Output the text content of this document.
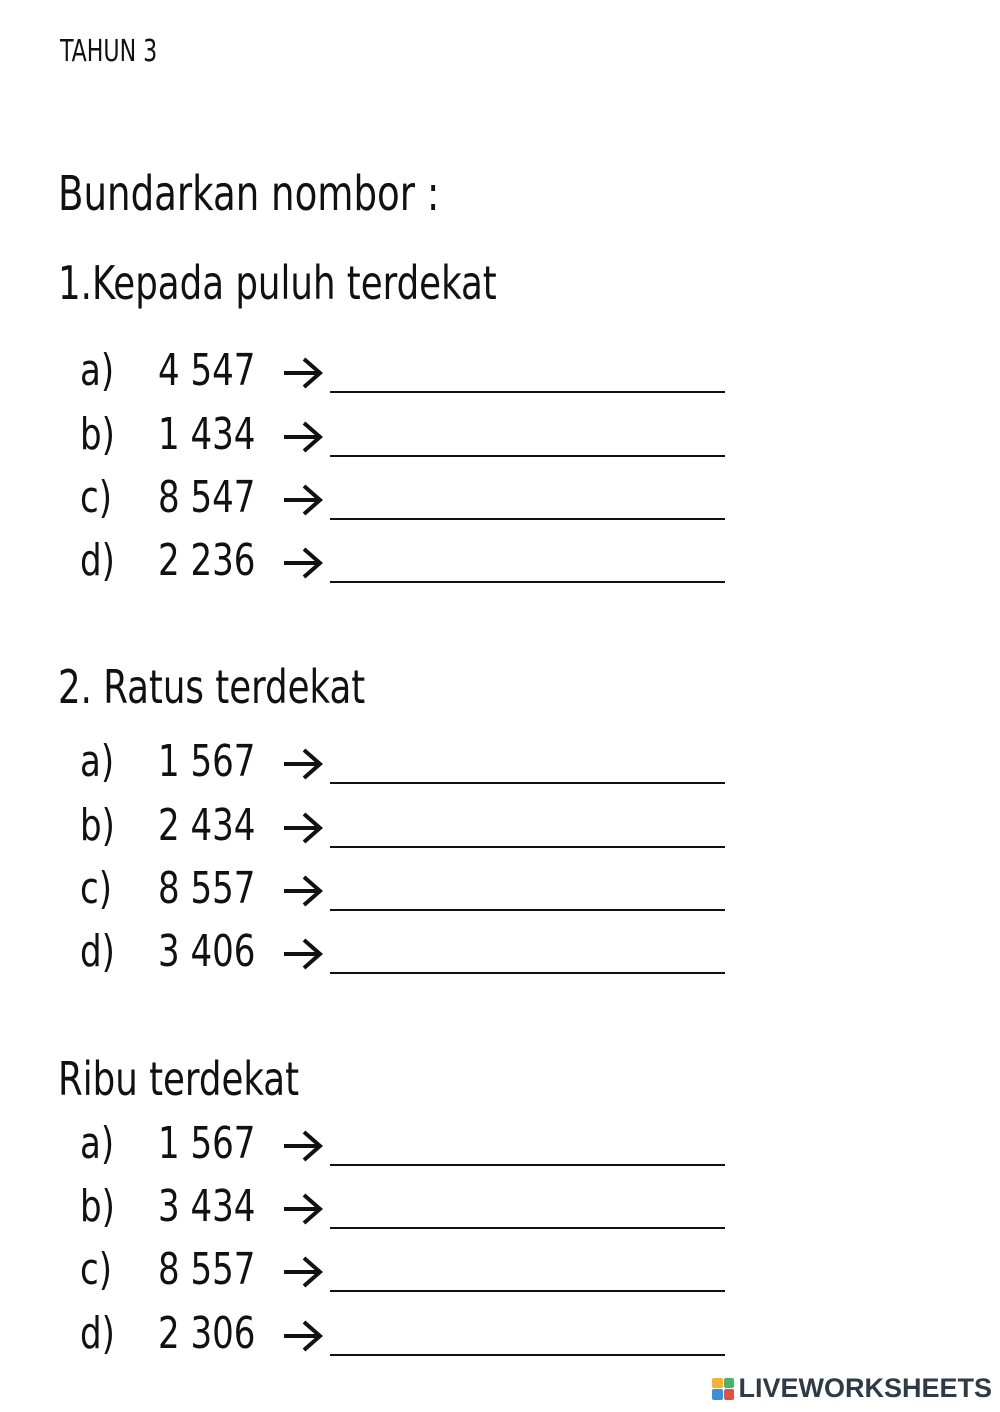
TAHUN 3
Bundarkan nombor :
1.Kepada puluh terdekat
a) 4 547
b) 1 434
c) 8 547
d) 2 236
2. Ratus terdekat
a) 1 567
b) 2 434
c) 8 557
d) 3 406
Ribu terdekat
a) 1 567
b) 3 434
c) 8 557
d) 2 306
LIVEWORKSHEETS
